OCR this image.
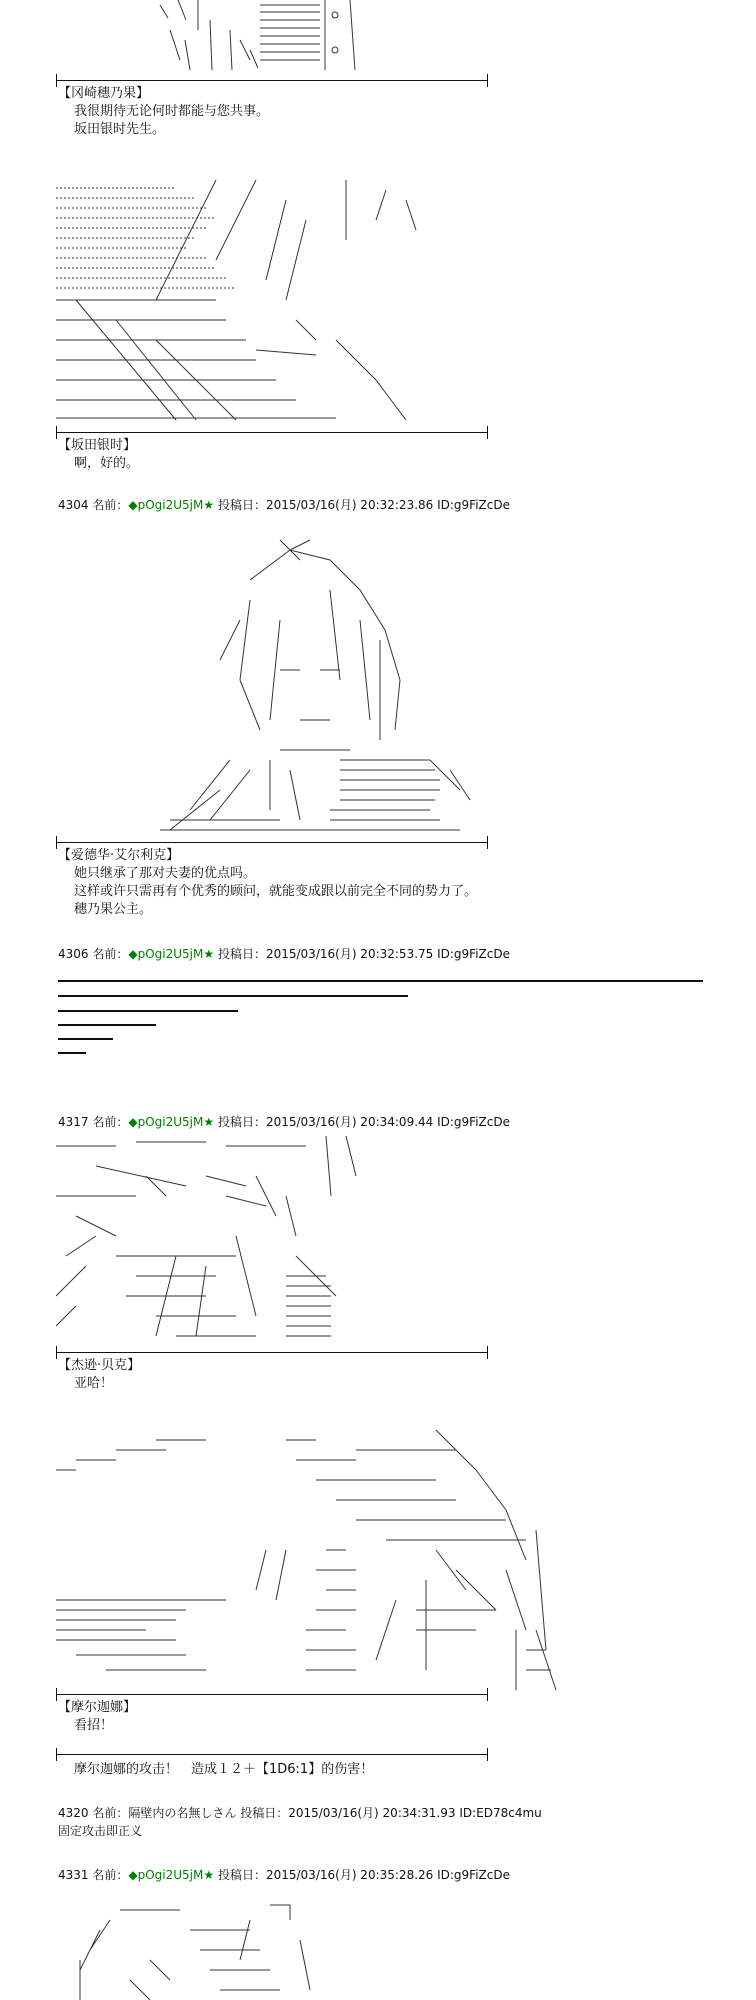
【冈崎穗乃果】
我很期待无论何时都能与您共事。
坂田银时先生。
【坂田银时】
啊，好的。
4304 名前：◆pOgi2U5jM★ 投稿日：2015/03/16(月) 20:32:23.86 ID:g9FiZcDe
【爱德华·艾尔利克】
她只继承了那对夫妻的优点吗。
这样或许只需再有个优秀的顾问，就能变成跟以前完全不同的势力了。
穗乃果公主。
4306 名前：◆pOgi2U5jM★ 投稿日：2015/03/16(月) 20:32:53.75 ID:g9FiZcDe
4317 名前：◆pOgi2U5jM★ 投稿日：2015/03/16(月) 20:34:09.44 ID:g9FiZcDe
【杰逊·贝克】
亚哈！
【摩尔迦娜】
看招！
摩尔迦娜的攻击！　造成１２＋【1D6:1】的伤害！
4320 名前：隔壁内の名無しさん 投稿日：2015/03/16(月) 20:34:31.93 ID:ED78c4mu
固定攻击即正义
4331 名前：◆pOgi2U5jM★ 投稿日：2015/03/16(月) 20:35:28.26 ID:g9FiZcDe
